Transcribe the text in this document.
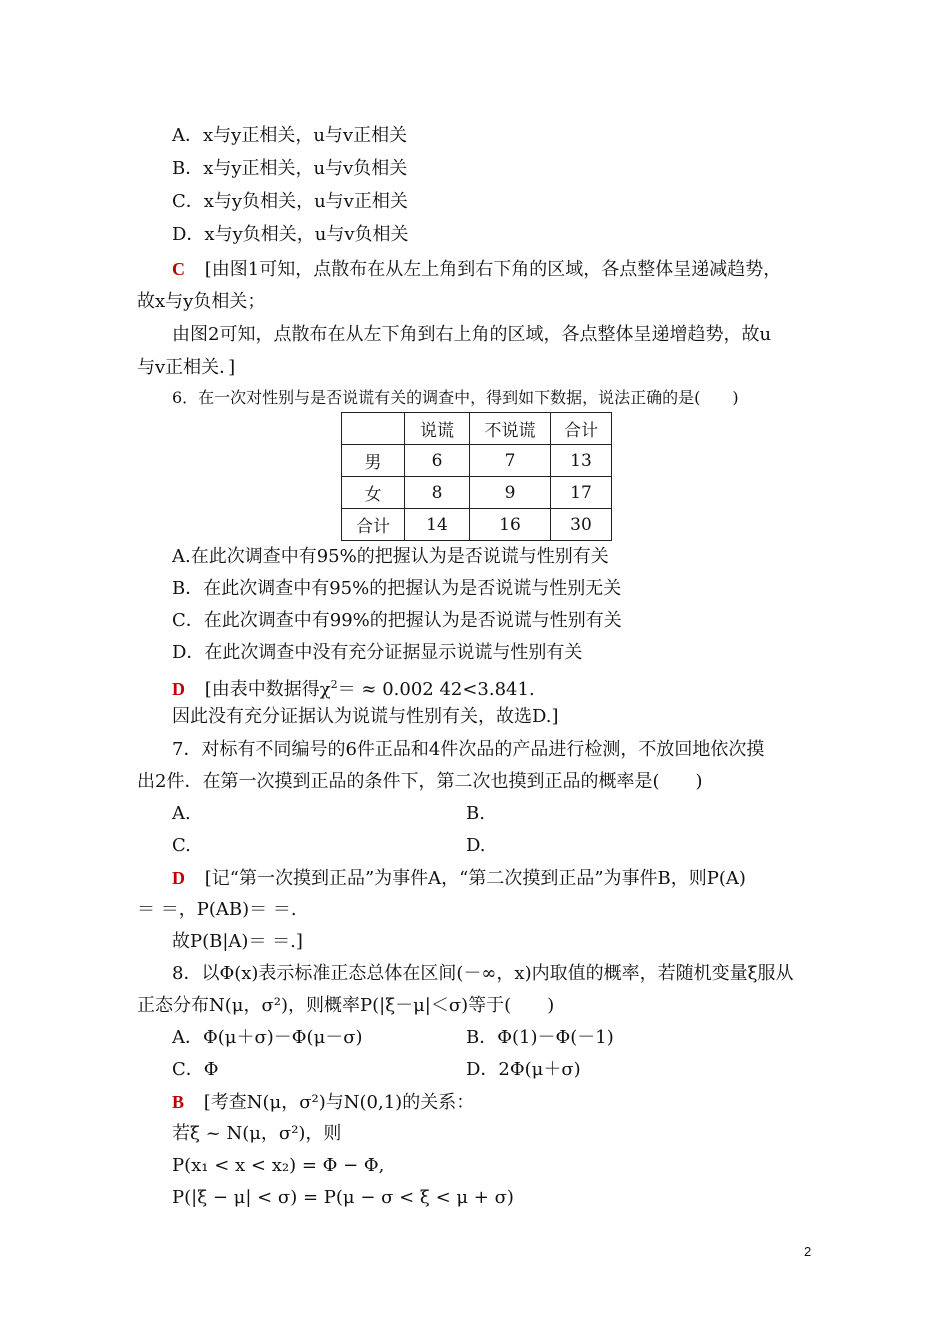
A．x与y正相关，u与v正相关
B．x与y正相关，u与v负相关
C．x与y负相关，u与v正相关
D．x与y负相关，u与v负相关
C [由图1可知，点散布在从左上角到右下角的区域，各点整体呈递减趋势，
故x与y负相关；
由图2可知，点散布在从左下角到右上角的区域，各点整体呈递增趋势，故u
与v正相关．]
6．在一次对性别与是否说谎有关的调查中，得到如下数据，说法正确的是(　　)
	说谎	不说谎	合计
男	6	7	13
女	8	9	17
合计	14	16	30
A.在此次调查中有95%的把握认为是否说谎与性别有关
B．在此次调查中有95%的把握认为是否说谎与性别无关
C．在此次调查中有99%的把握认为是否说谎与性别有关
D．在此次调查中没有充分证据显示说谎与性别有关
D [由表中数据得$\chi^2= \approx 0.002$ 42<3.841.
因此没有充分证据认为说谎与性别有关，故选D.]
7．对标有不同编号的6件正品和4件次品的产品进行检测，不放回地依次摸
出2件．在第一次摸到正品的条件下，第二次也摸到正品的概率是(　　)
A.	B.
C.	D.
D [记“第一次摸到正品”为事件A，“第二次摸到正品”为事件B，则P(A)
＝ ＝，P(AB)＝ ＝.
故P(B|A)＝ ＝.]
8．以Φ(x)表示标准正态总体在区间(－∞，x)内取值的概率，若随机变量ξ服从
正态分布N(μ，σ²)，则概率P(|ξ－μ|＜σ)等于(　　)
A．Φ(μ＋σ)－Φ(μ－σ)	B．Φ(1)－Φ(－1)
C．Φ	D．2Φ(μ＋σ)
B [考查N(μ，σ²)与N(0,1)的关系：
若ξ ~ N(μ，σ²)，则
P(x₁ < x < x₂) = Φ − Φ,
P(|ξ − μ| < σ) = P(μ − σ < ξ < μ + σ)
2
